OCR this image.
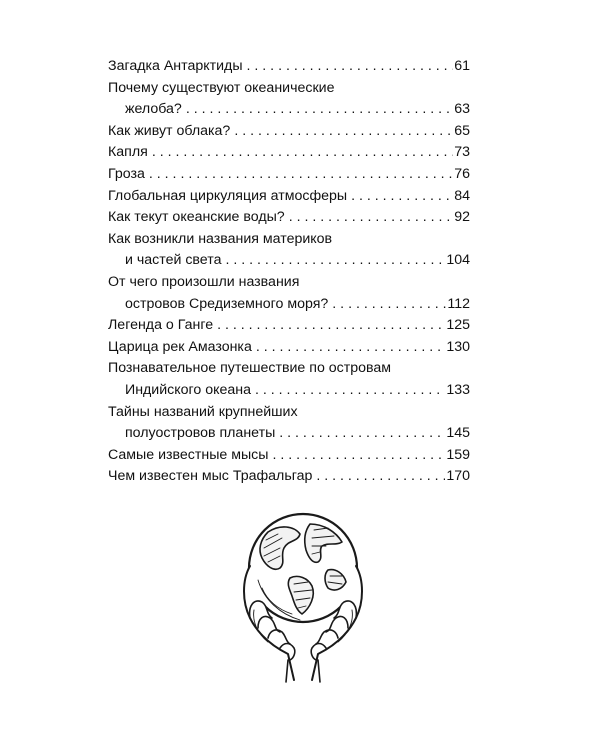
Загадка Антарктиды . . .	61
Почему существуют океанические
желоба? . . .	63
Как живут облака? . . .	65
Капля . . .	73
Гроза . . .	76
Глобальная циркуляция атмосферы . . .	84
Как текут океанские воды? . . .	92
Как возникли названия материков
и частей света . . .	104
От чего произошли названия
островов Средиземного моря? . . .	112
Легенда о Ганге . . .	125
Царица рек Амазонка . . .	130
Познавательное путешествие по островам
Индийского океана . . .	133
Тайны названий крупнейших
полуостровов планеты . . .	145
Самые известные мысы . . .	159
Чем известен мыс Трафальгар . . .	170
